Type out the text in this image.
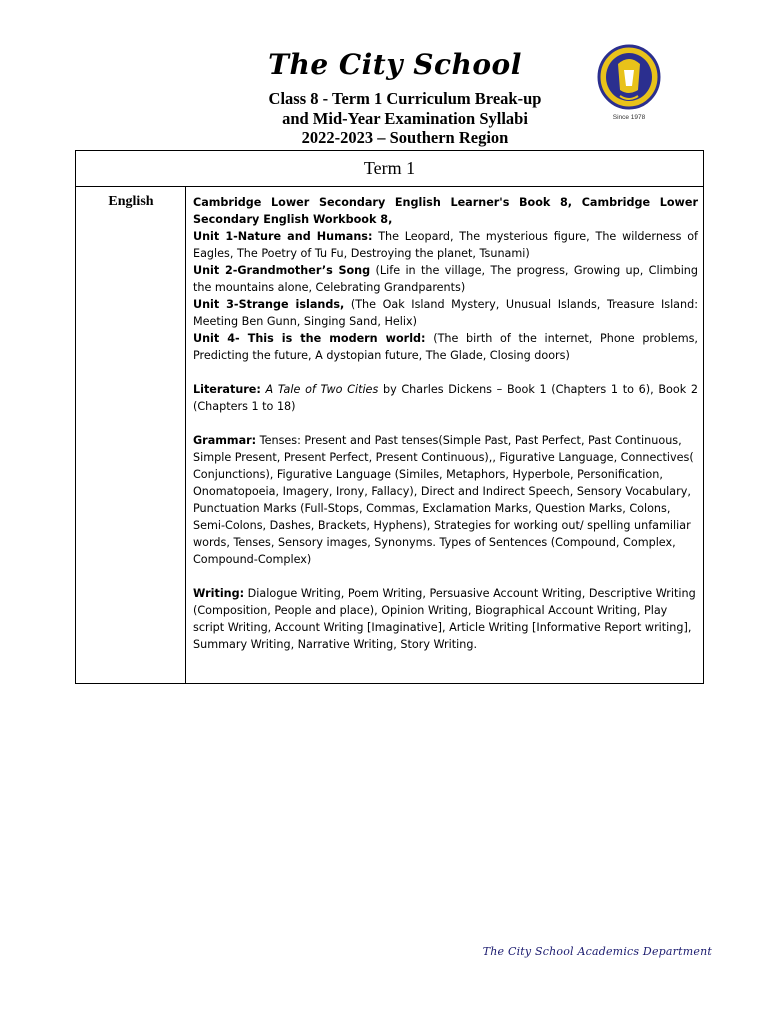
The City School
Class 8 - Term 1 Curriculum Break-up
and Mid-Year Examination Syllabi
2022-2023 – Southern Region
Since 1978
Term 1
English	Cambridge Lower Secondary English Learner's Book 8, Cambridge Lower Secondary English Workbook 8,

Unit 1-Nature and Humans: The Leopard, The mysterious figure, The wilderness of Eagles, The Poetry of Tu Fu, Destroying the planet, Tsunami)

Unit 2-Grandmother’s Song (Life in the village, The progress, Growing up, Climbing the mountains alone, Celebrating Grandparents)

Unit 3-Strange islands, (The Oak Island Mystery, Unusual Islands, Treasure Island: Meeting Ben Gunn, Singing Sand, Helix)

Unit 4- This is the modern world: (The birth of the internet, Phone problems, Predicting the future, A dystopian future, The Glade, Closing doors)

Literature: A Tale of Two Cities by Charles Dickens – Book 1 (Chapters 1 to 6), Book 2 (Chapters 1 to 18)

Grammar: Tenses: Present and Past tenses(Simple Past, Past Perfect, Past Continuous, Simple Present, Present Perfect, Present Continuous),, Figurative Language, Connectives( Conjunctions), Figurative Language (Similes, Metaphors, Hyperbole, Personification, Onomatopoeia, Imagery, Irony, Fallacy), Direct and Indirect Speech, Sensory Vocabulary, Punctuation Marks (Full-Stops, Commas, Exclamation Marks, Question Marks, Colons, Semi-Colons, Dashes, Brackets, Hyphens), Strategies for working out/ spelling unfamiliar words, Tenses, Sensory images, Synonyms. Types of Sentences (Compound, Complex, Compound-Complex)

Writing: Dialogue Writing, Poem Writing, Persuasive Account Writing, Descriptive Writing (Composition, People and place), Opinion Writing, Biographical Account Writing, Play script Writing, Account Writing [Imaginative], Article Writing [Informative Report writing], Summary Writing, Narrative Writing, Story Writing.

The City School Academics Department
